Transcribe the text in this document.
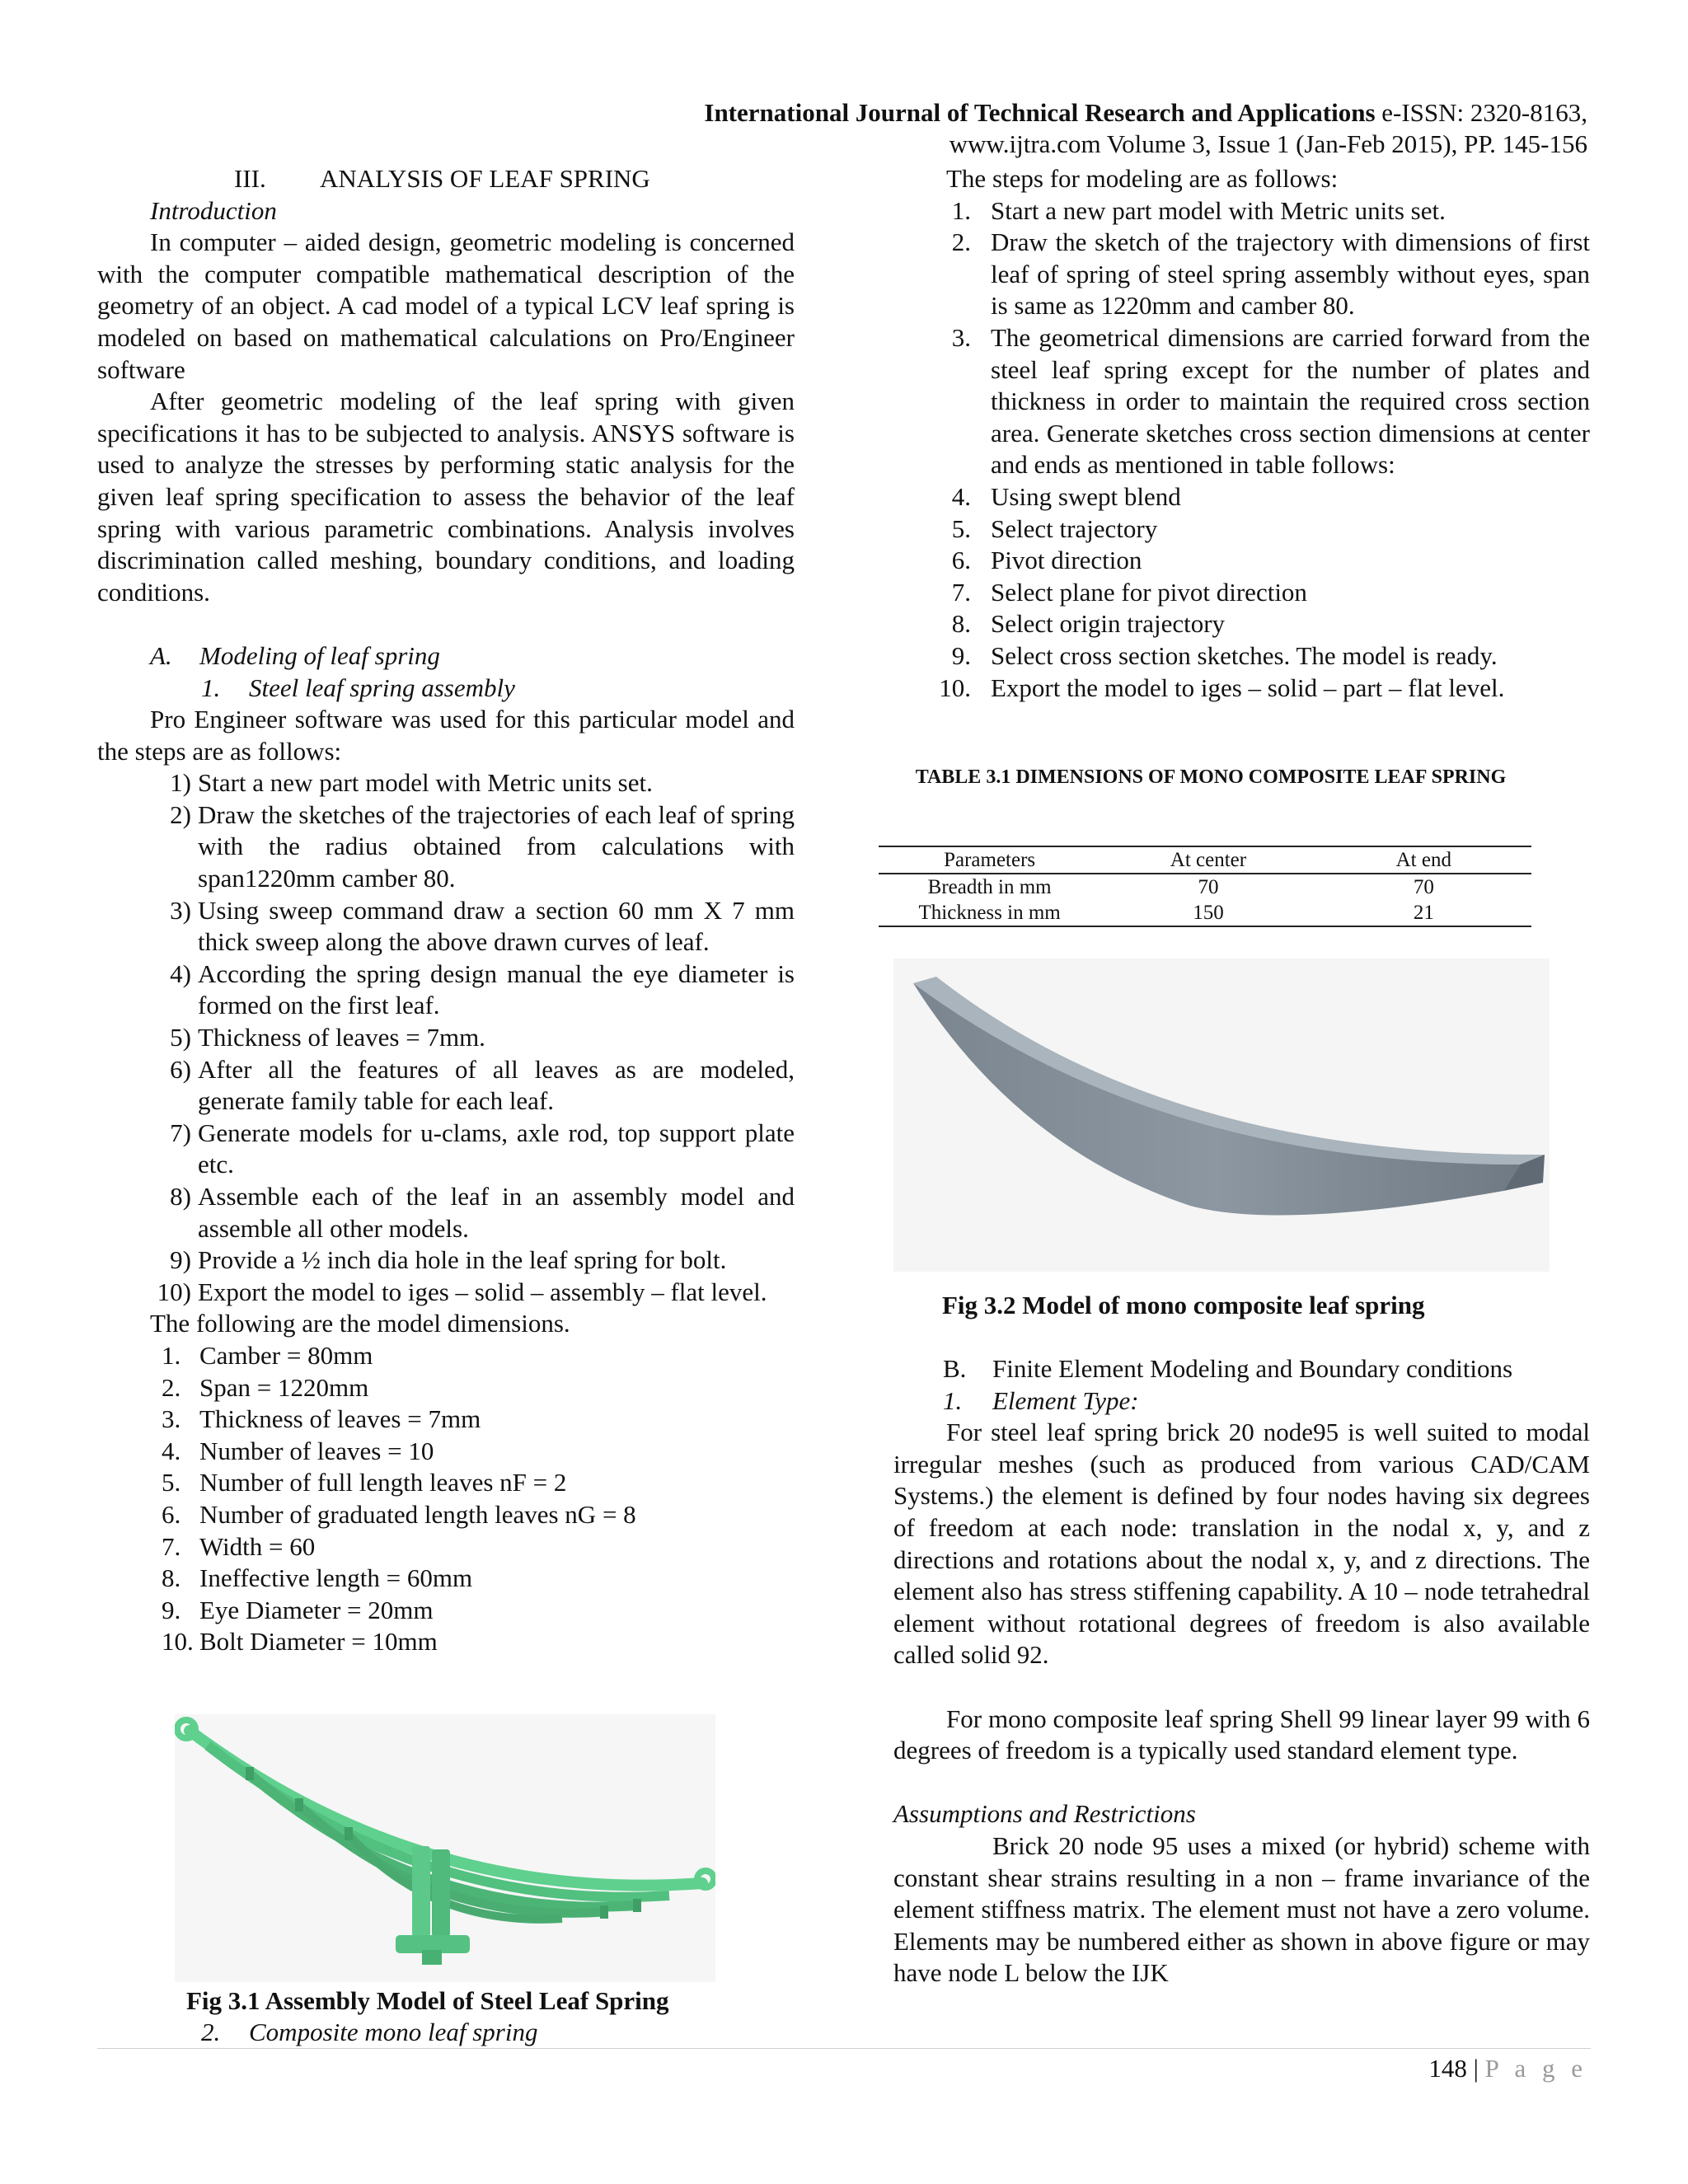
International Journal of Technical Research and Applications e-ISSN: 2320-8163,
www.ijtra.com Volume 3, Issue 1 (Jan-Feb 2015), PP. 145-156

III. ANALYSIS OF LEAF SPRING

Introduction

In computer – aided design, geometric modeling is concerned with the computer compatible mathematical description of the geometry of an object. A cad model of a typical LCV leaf spring is modeled on based on mathematical calculations on Pro/Engineer software

After geometric modeling of the leaf spring with given specifications it has to be subjected to analysis. ANSYS software is used to analyze the stresses by performing static analysis for the given leaf spring specification to assess the behavior of the leaf spring with various parametric combinations. Analysis involves discrimination called meshing, boundary conditions, and loading conditions.

A. Modeling of leaf spring

1. Steel leaf spring assembly

Pro Engineer software was used for this particular model and the steps are as follows:

1) Start a new part model with Metric units set.
2) Draw the sketches of the trajectories of each leaf of spring with the radius obtained from calculations with span1220mm camber 80.
3) Using sweep command draw a section 60 mm X 7 mm thick sweep along the above drawn curves of leaf.
4) According the spring design manual the eye diameter is formed on the first leaf.
5) Thickness of leaves = 7mm.
6) After all the features of all leaves as are modeled, generate family table for each leaf.
7) Generate models for u-clams, axle rod, top support plate etc.
8) Assemble each of the leaf in an assembly model and assemble all other models.
9) Provide a ½ inch dia hole in the leaf spring for bolt.
10) Export the model to iges – solid – assembly – flat level.

The following are the model dimensions.

1. Camber = 80mm
2. Span = 1220mm
3. Thickness of leaves = 7mm
4. Number of leaves = 10
5. Number of full length leaves nF = 2
6. Number of graduated length leaves nG = 8
7. Width = 60
8. Ineffective length = 60mm
9. Eye Diameter = 20mm
10. Bolt Diameter = 10mm
Fig 3.1 Assembly Model of Steel Leaf Spring
2. Composite mono leaf spring

The steps for modeling are as follows:

1. Start a new part model with Metric units set.
2. Draw the sketch of the trajectory with dimensions of first leaf of spring of steel spring assembly without eyes, span is same as 1220mm and camber 80.
3. The geometrical dimensions are carried forward from the steel leaf spring except for the number of plates and thickness in order to maintain the required cross section area. Generate sketches cross section dimensions at center and ends as mentioned in table follows:
4. Using swept blend
5. Select trajectory
6. Pivot direction
7. Select plane for pivot direction
8. Select origin trajectory
9. Select cross section sketches. The model is ready.
10. Export the model to iges – solid – part – flat level.
TABLE 3.1 DIMENSIONS OF MONO COMPOSITE LEAF SPRING
Parameters	At center	At end
Breadth in mm	70	70
Thickness in mm	150	21
Fig 3.2 Model of mono composite leaf spring

B. Finite Element Modeling and Boundary conditions

1. Element Type:

For steel leaf spring brick 20 node95 is well suited to modal irregular meshes (such as produced from various CAD/CAM Systems.) the element is defined by four nodes having six degrees of freedom at each node: translation in the nodal x, y, and z directions and rotations about the nodal x, y, and z directions. The element also has stress stiffening capability. A 10 – node tetrahedral element without rotational degrees of freedom is also available called solid 92.

For mono composite leaf spring Shell 99 linear layer 99 with 6 degrees of freedom is a typically used standard element type.

Assumptions and Restrictions

Brick 20 node 95 uses a mixed (or hybrid) scheme with constant shear strains resulting in a non – frame invariance of the element stiffness matrix. The element must not have a zero volume. Elements may be numbered either as shown in above figure or may have node L below the IJK

148 | P a g e
